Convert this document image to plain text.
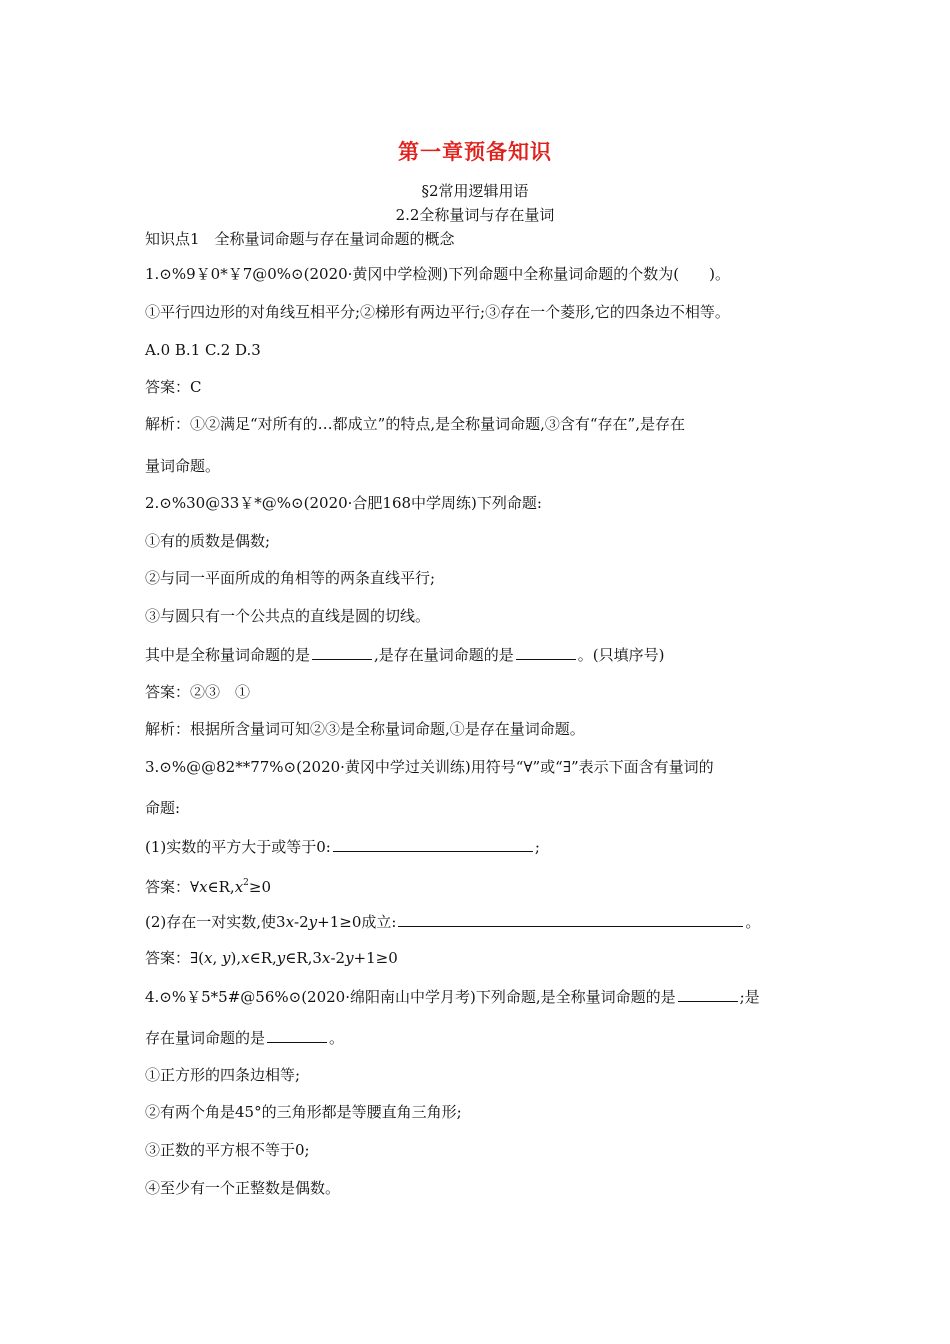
第一章预备知识
§2常用逻辑用语
2.2全称量词与存在量词
知识点1　全称量词命题与存在量词命题的概念
1.⊙%9￥0*￥7@0%⊙(2020·黄冈中学检测)下列命题中全称量词命题的个数为(　　)。
①平行四边形的对角线互相平分;②梯形有两边平行;③存在一个菱形,它的四条边不相等。
A.0 B.1 C.2 D.3
答案：C
解析：①②满足“对所有的…都成立”的特点,是全称量词命题,③含有“存在”,是存在
量词命题。
2.⊙%30@33￥*@%⊙(2020·合肥168中学周练)下列命题:
①有的质数是偶数;
②与同一平面所成的角相等的两条直线平行;
③与圆只有一个公共点的直线是圆的切线。
其中是全称量词命题的是	,是存在量词命题的是	。(只填序号)
答案：②③　①
解析：根据所含量词可知②③是全称量词命题,①是存在量词命题。
3.⊙%@@82**77%⊙(2020·黄冈中学过关训练)用符号“∀”或“∃”表示下面含有量词的
命题:
(1)实数的平方大于或等于0:	;
答案：$\forall x\in R,x^2\ge 0$
(2)存在一对实数,使3x-2y+1≥0成立:	。
答案：∃(x, y),x∈R,y∈R,3x-2y+1≥0
4.⊙%￥5*5#@56%⊙(2020·绵阳南山中学月考)下列命题,是全称量词命题的是	;是
存在量词命题的是	。
①正方形的四条边相等;
②有两个角是45°的三角形都是等腰直角三角形;
③正数的平方根不等于0;
④至少有一个正整数是偶数。
